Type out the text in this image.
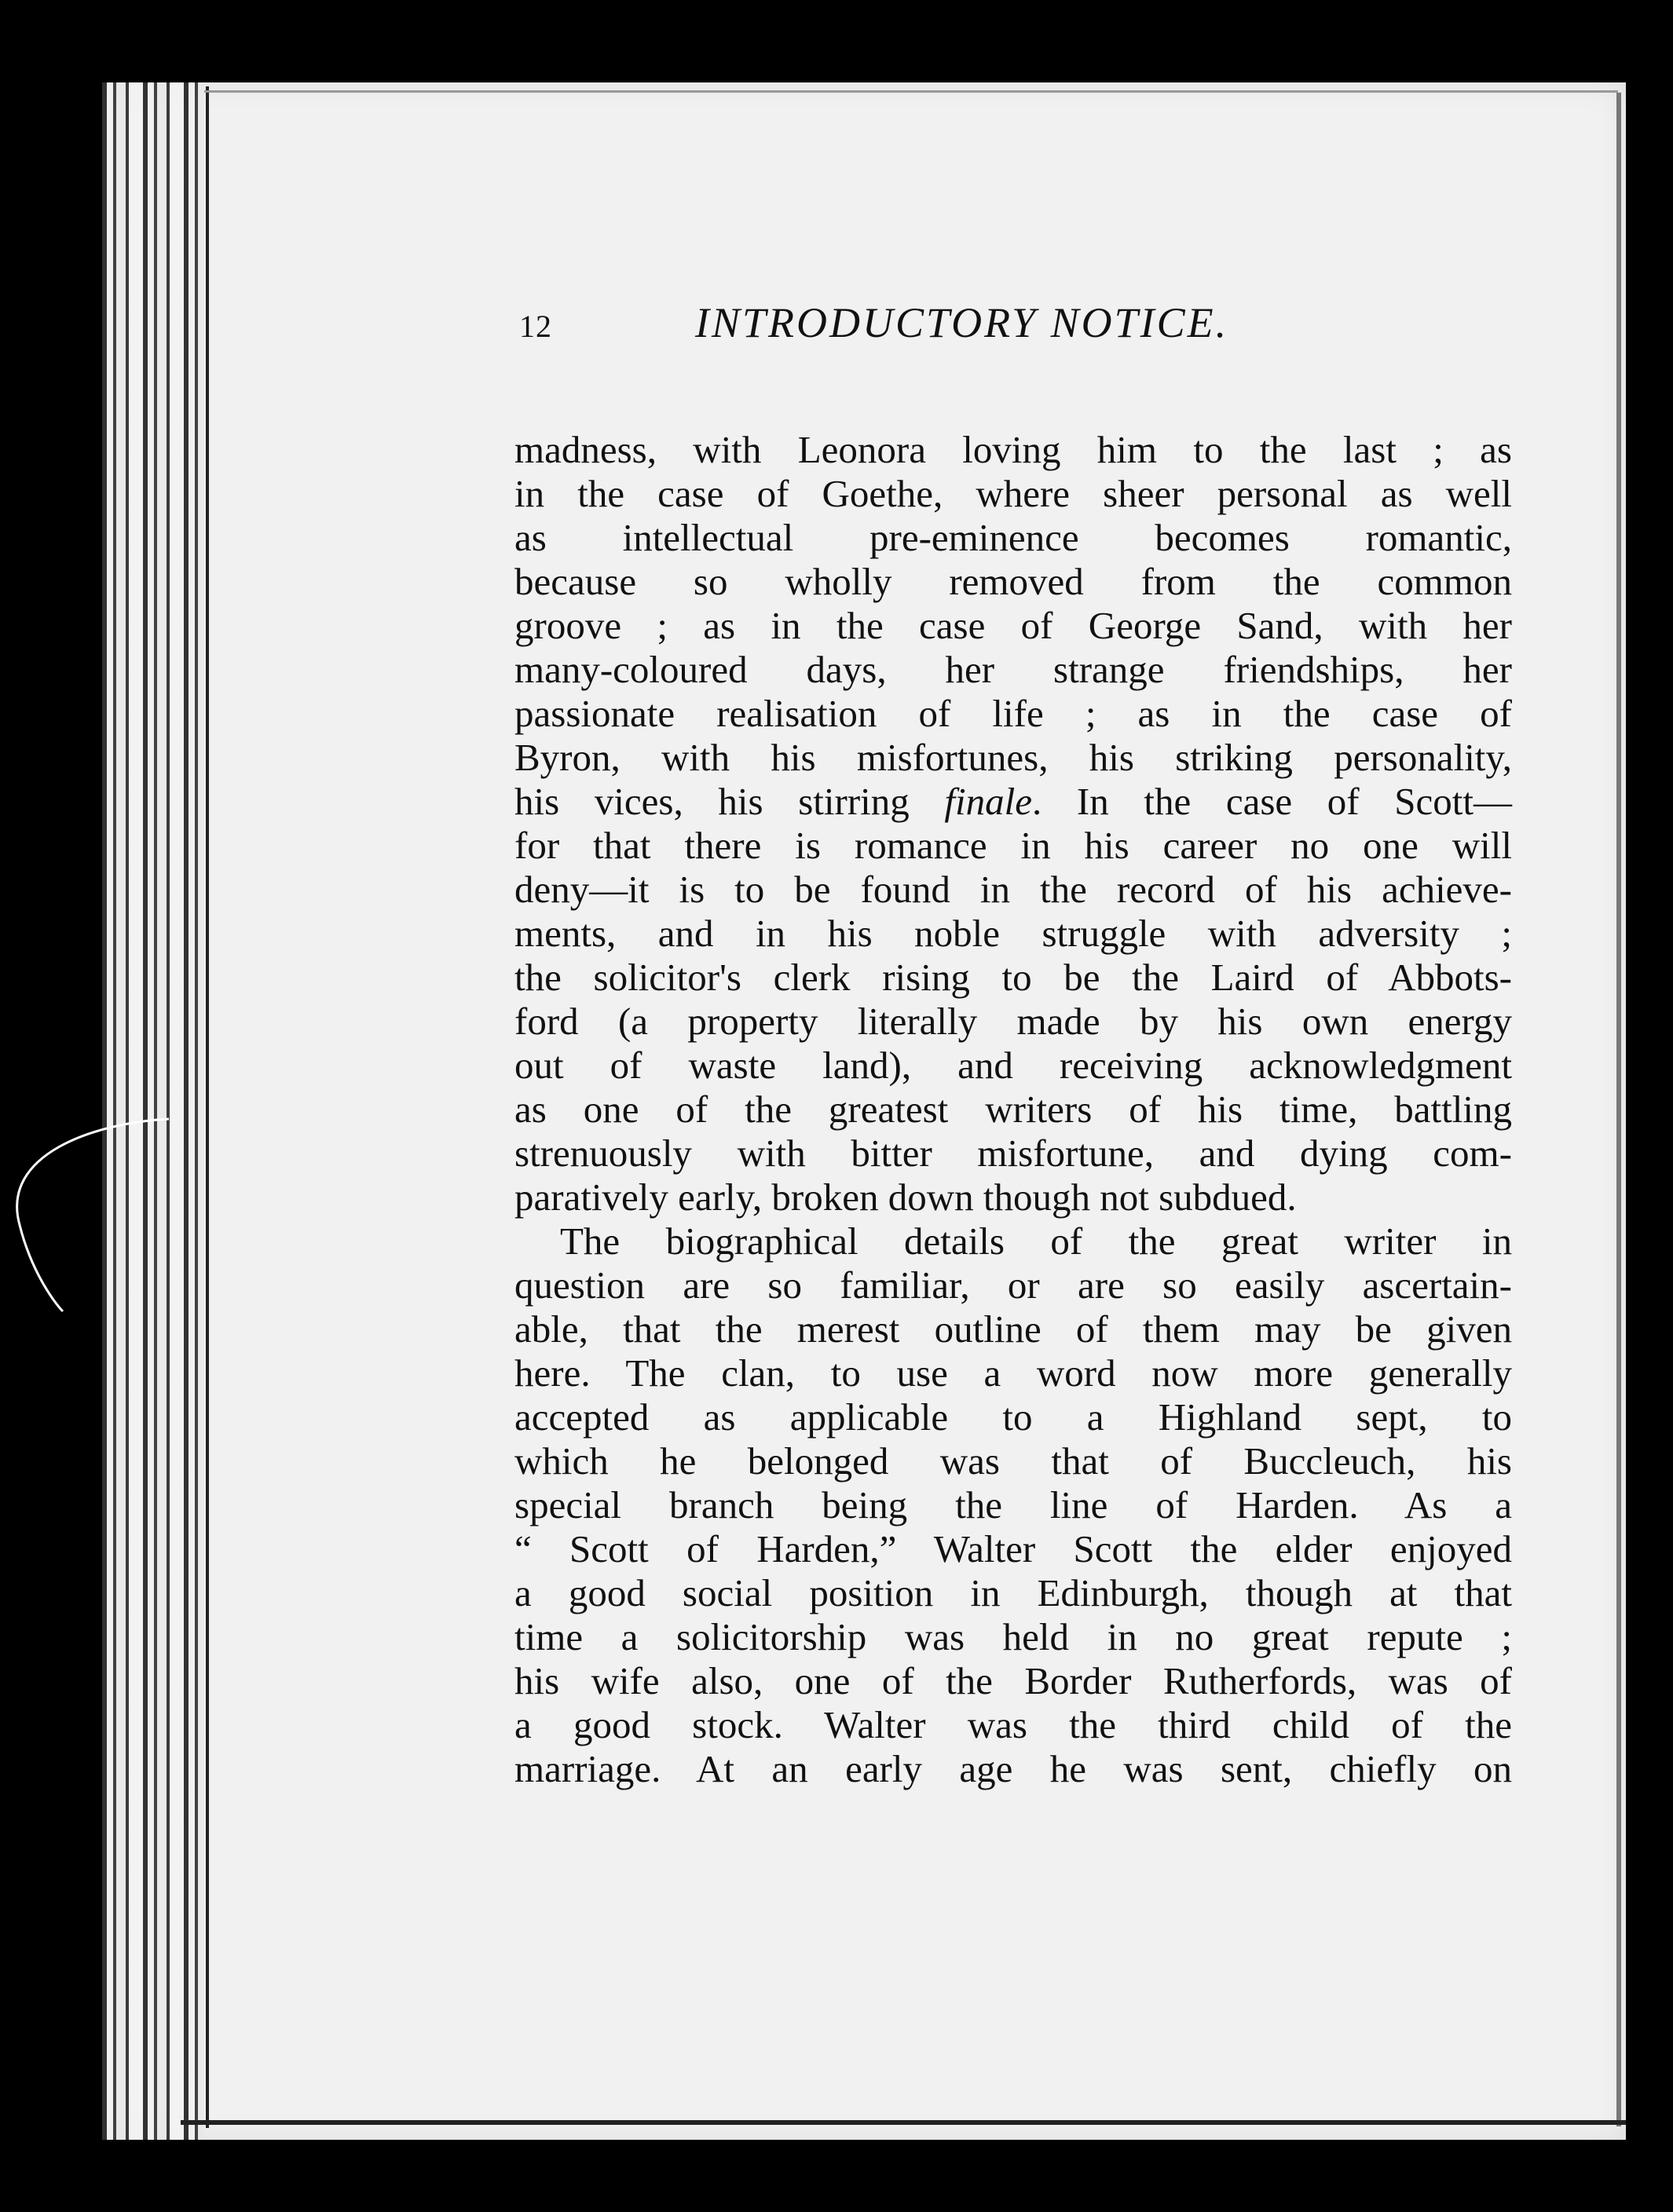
12	INTRODUCTORY NOTICE.
madness, with Leonora loving him to the last ; as
in the case of Goethe, where sheer personal as well
as intellectual pre-eminence becomes romantic,
because so wholly removed from the common
groove ; as in the case of George Sand, with her
many-coloured days, her strange friendships, her
passionate realisation of life ; as in the case of
Byron, with his misfortunes, his striking personality,
his vices, his stirring finale. In the case of Scott—
for that there is romance in his career no one will
deny—it is to be found in the record of his achieve-
ments, and in his noble struggle with adversity ;
the solicitor's clerk rising to be the Laird of Abbots-
ford (a property literally made by his own energy
out of waste land), and receiving acknowledgment
as one of the greatest writers of his time, battling
strenuously with bitter misfortune, and dying com-
paratively early, broken down though not subdued.
The biographical details of the great writer in
question are so familiar, or are so easily ascertain-
able, that the merest outline of them may be given
here. The clan, to use a word now more generally
accepted as applicable to a Highland sept, to
which he belonged was that of Buccleuch, his
special branch being the line of Harden. As a
“ Scott of Harden,” Walter Scott the elder enjoyed
a good social position in Edinburgh, though at that
time a solicitorship was held in no great repute ;
his wife also, one of the Border Rutherfords, was of
a good stock. Walter was the third child of the
marriage. At an early age he was sent, chiefly on
